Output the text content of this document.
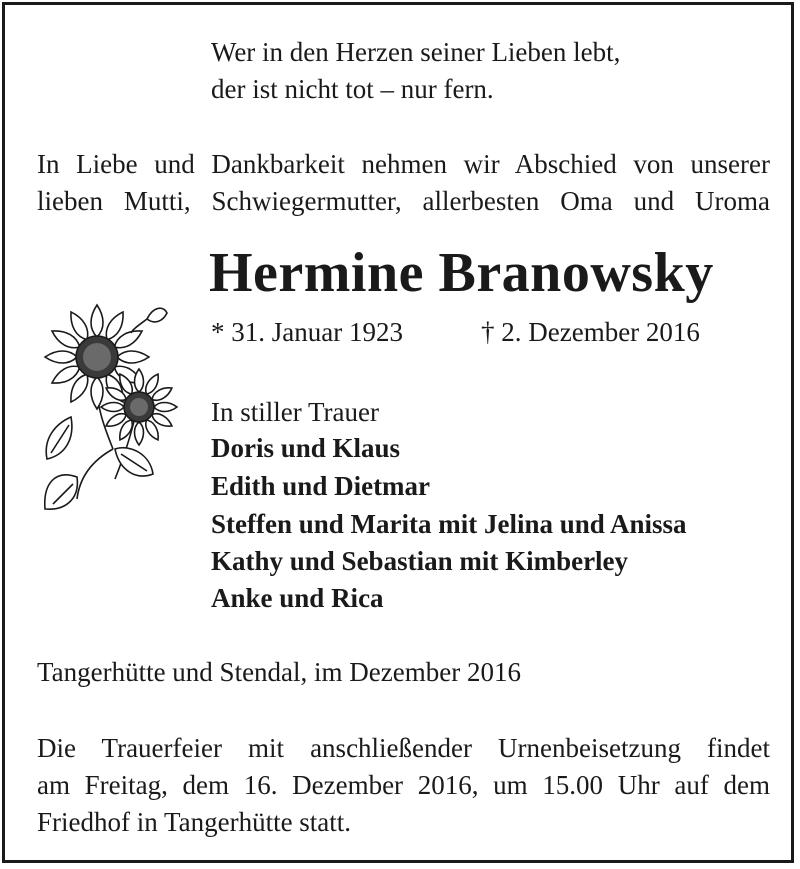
Wer in den Herzen seiner Lieben lebt,
der ist nicht tot – nur fern.
In Liebe und Dankbarkeit nehmen wir Abschied von unserer
lieben Mutti, Schwiegermutter, allerbesten Oma und Uroma
Hermine Branowsky
* 31. Januar 1923	† 2. Dezember 2016
In stiller Trauer
Doris und Klaus
Edith und Dietmar
Steffen und Marita mit Jelina und Anissa
Kathy und Sebastian mit Kimberley
Anke und Rica
Tangerhütte und Stendal, im Dezember 2016
Die Trauerfeier mit anschließender Urnenbeisetzung findet
am Freitag, dem 16. Dezember 2016, um 15.00 Uhr auf dem
Friedhof in Tangerhütte statt.
